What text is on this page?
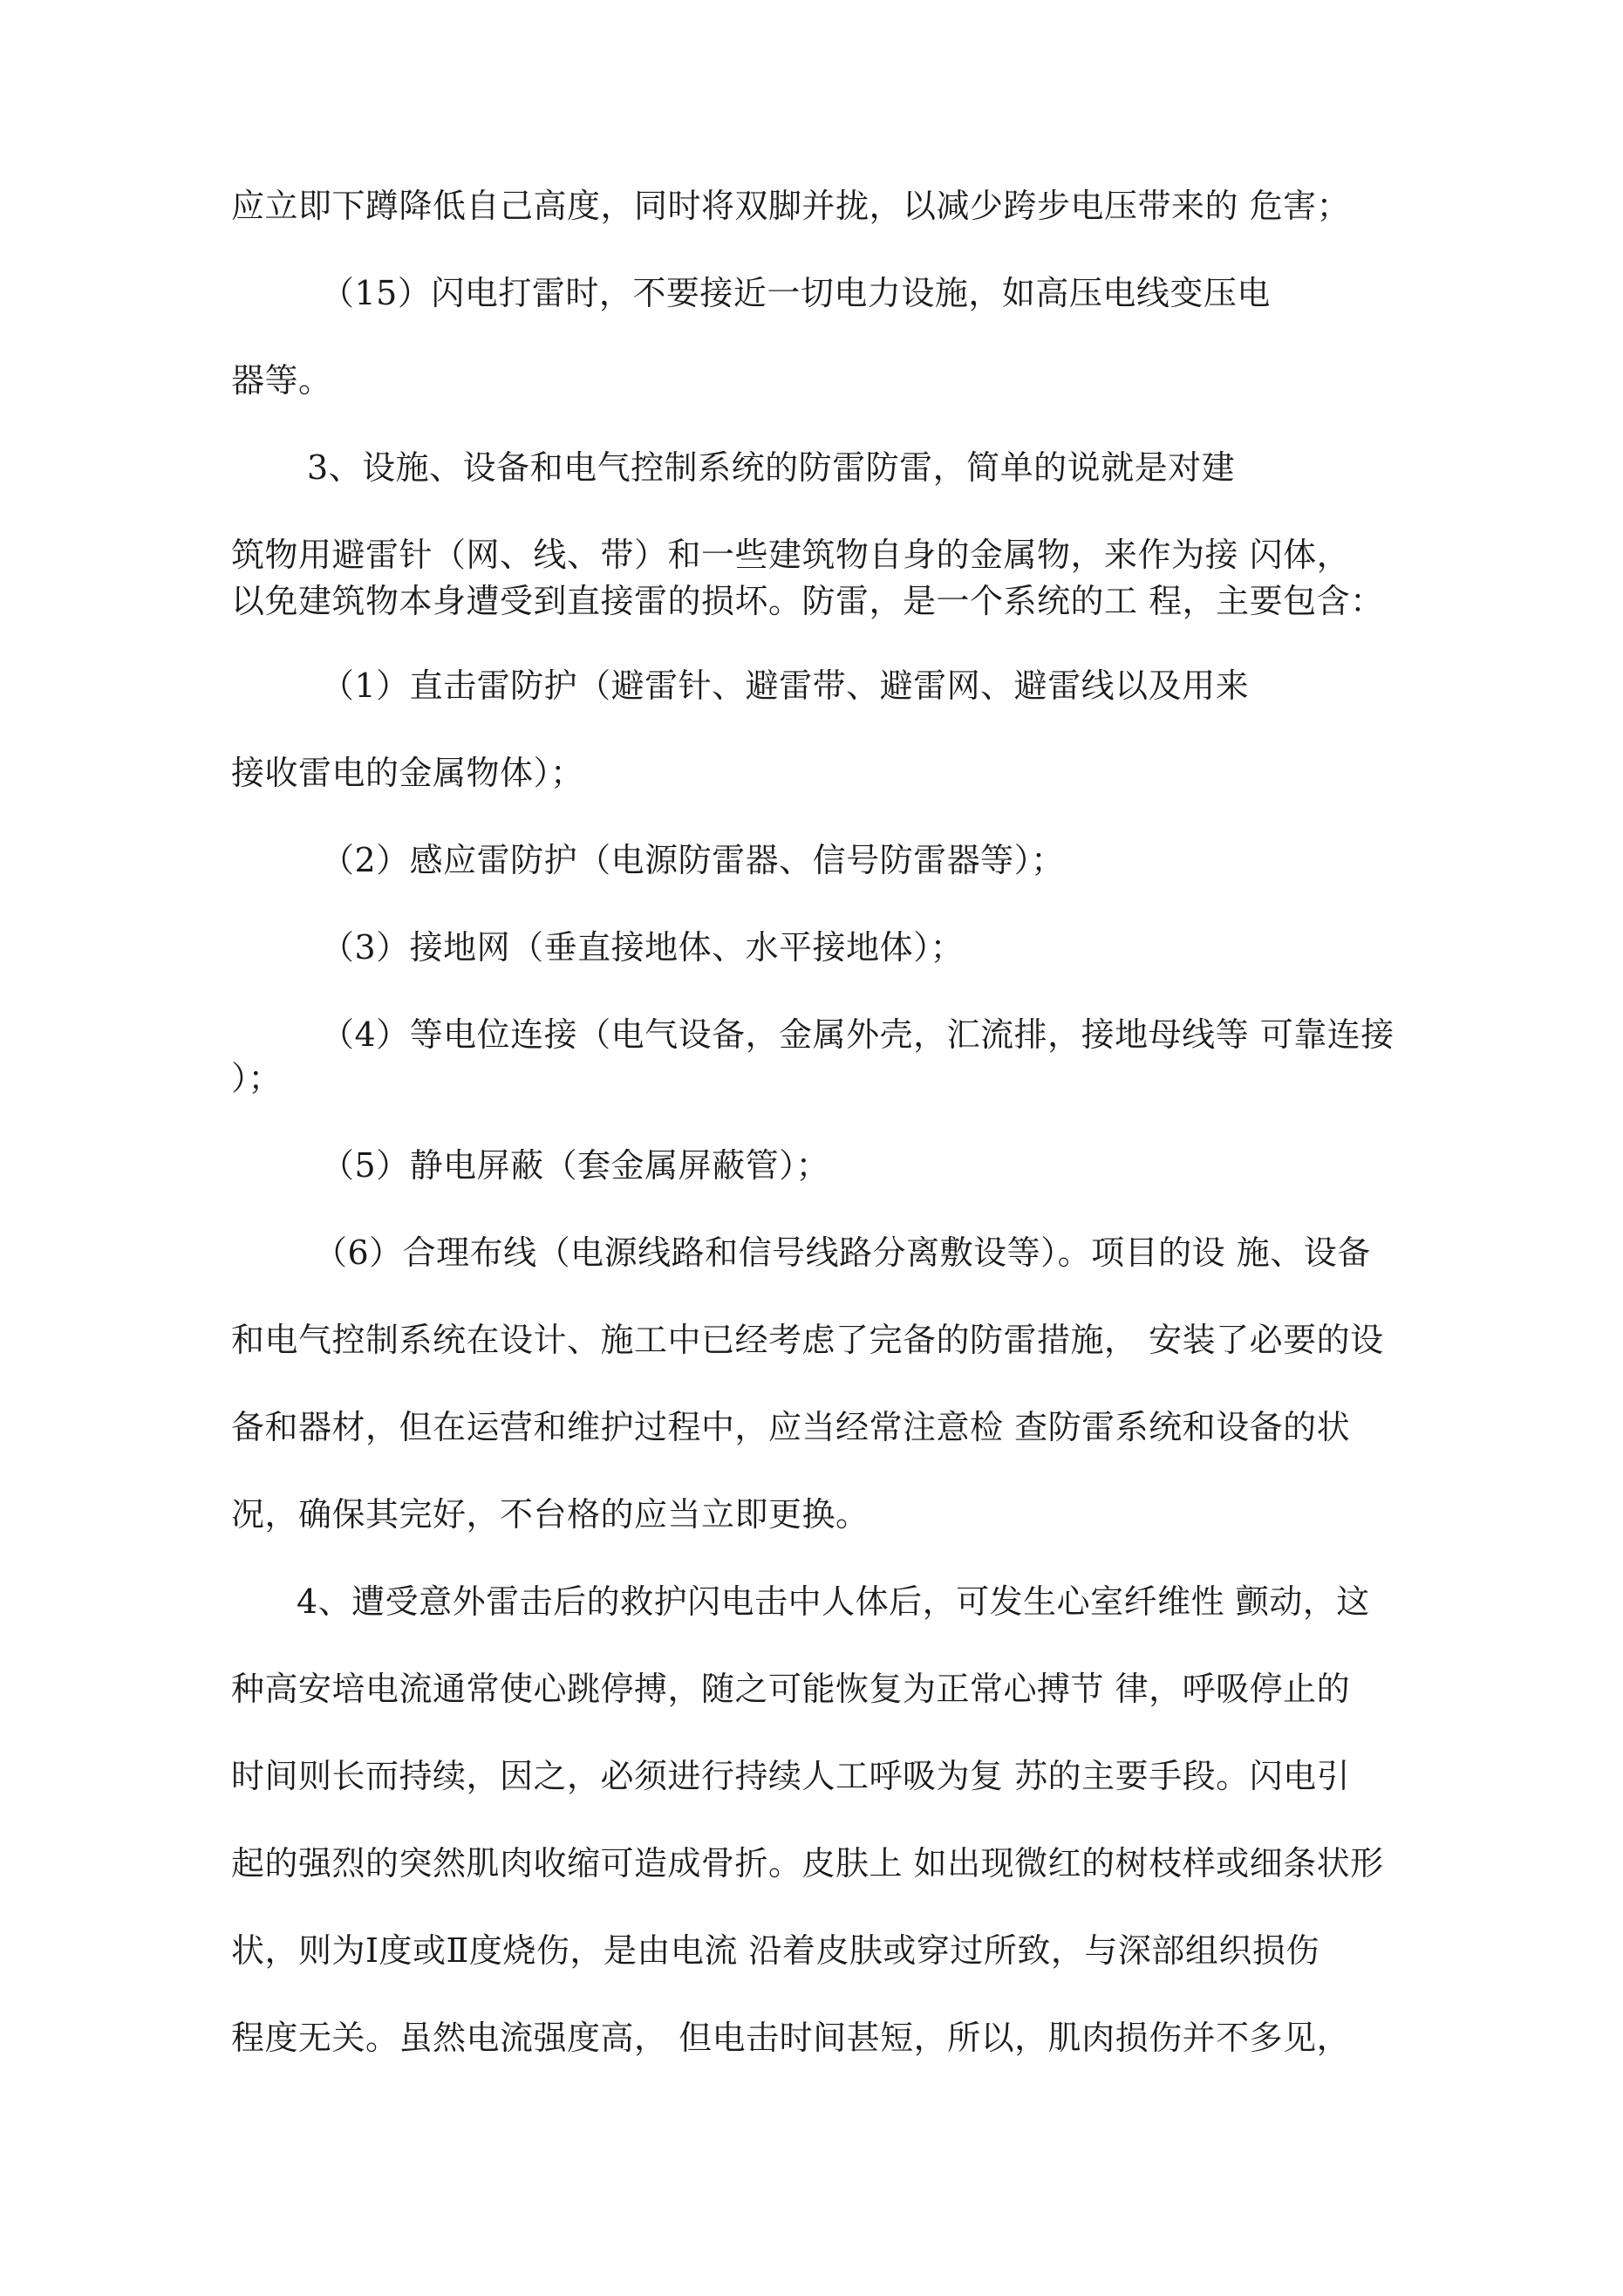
应立即下蹲降低自己高度，同时将双脚并拢，以减少跨步电压带来的 危害；
（15）闪电打雷时，不要接近一切电力设施，如高压电线变压电
器等。
3、设施、设备和电气控制系统的防雷防雷，简单的说就是对建
筑物用避雷针（网、线、带）和一些建筑物自身的金属物，来作为接 闪体，
以免建筑物本身遭受到直接雷的损坏。防雷，是一个系统的工 程，主要包含：
（1）直击雷防护（避雷针、避雷带、避雷网、避雷线以及用来
接收雷电的金属物体）；
（2）感应雷防护（电源防雷器、信号防雷器等）；
（3）接地网（垂直接地体、水平接地体）；
（4）等电位连接（电气设备，金属外壳，汇流排，接地母线等 可靠连接
）；
（5）静电屏蔽（套金属屏蔽管）；
（6）合理布线（电源线路和信号线路分离敷设等）。项目的设 施、设备
和电气控制系统在设计、施工中已经考虑了完备的防雷措施， 安装了必要的设
备和器材，但在运营和维护过程中，应当经常注意检 查防雷系统和设备的状
况，确保其完好，不台格的应当立即更换。
4、遭受意外雷击后的救护闪电击中人体后，可发生心室纤维性 颤动，这
种高安培电流通常使心跳停搏，随之可能恢复为正常心搏节 律，呼吸停止的
时间则长而持续，因之，必须进行持续人工呼吸为复 苏的主要手段。闪电引
起的强烈的突然肌肉收缩可造成骨折。皮肤上 如出现微红的树枝样或细条状形
状，则为Ⅰ度或Ⅱ度烧伤，是由电流 沿着皮肤或穿过所致，与深部组织损伤
程度无关。虽然电流强度高， 但电击时间甚短，所以，肌肉损伤并不多见，
